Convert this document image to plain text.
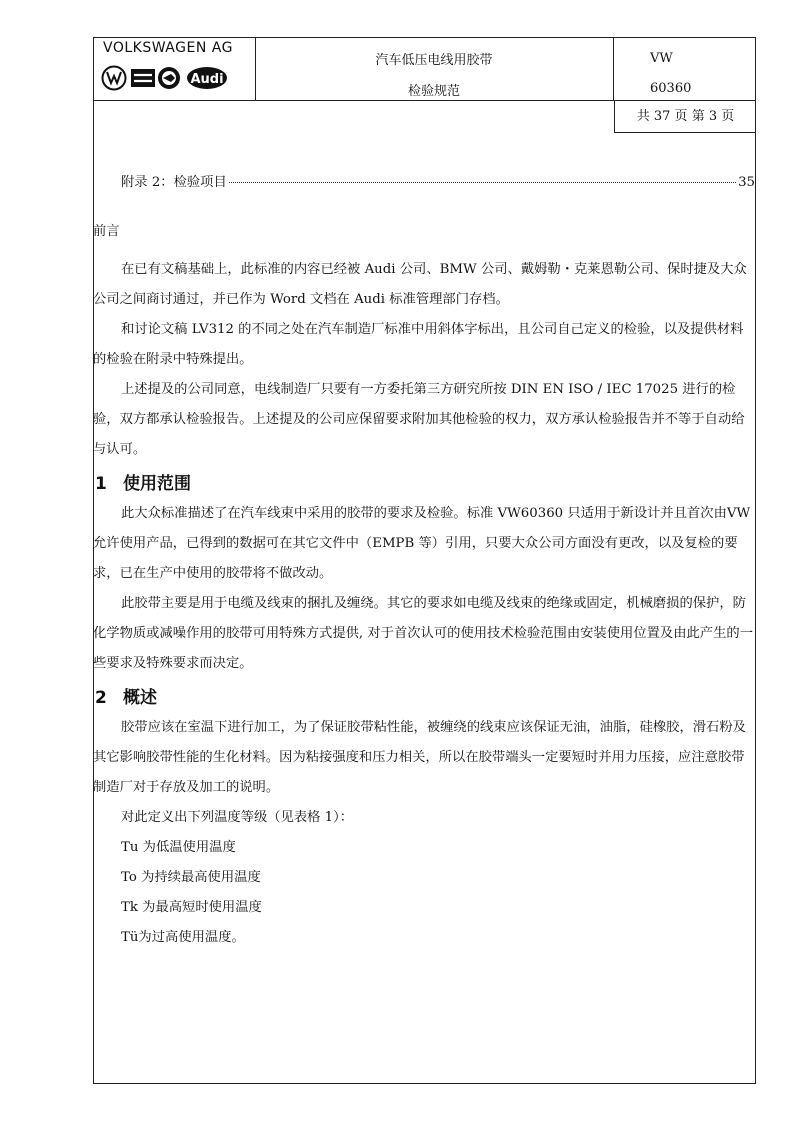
VOLKSWAGEN AG
Audi
汽车低压电线用胶带
检验规范
VW
60360
共 37 页 第 3 页
附录 2：检验项目	35
前言
在已有文稿基础上，此标准的内容已经被 Audi 公司、BMW 公司、戴姆勒・克莱恩勒公司、保时捷及大众公司之间商讨通过，并已作为 Word 文档在 Audi 标准管理部门存档。
和讨论文稿 LV312 的不同之处在汽车制造厂标准中用斜体字标出，且公司自己定义的检验，以及提供材料的检验在附录中特殊提出。
上述提及的公司同意，电线制造厂只要有一方委托第三方研究所按 DIN EN ISO / IEC 17025 进行的检验，双方都承认检验报告。上述提及的公司应保留要求附加其他检验的权力，双方承认检验报告并不等于自动给与认可。
1 使用范围
此大众标准描述了在汽车线束中采用的胶带的要求及检验。标准 VW60360 只适用于新设计并且首次由VW 允许使用产品，已得到的数据可在其它文件中（EMPB 等）引用，只要大众公司方面没有更改，以及复检的要求，已在生产中使用的胶带将不做改动。
此胶带主要是用于电缆及线束的捆扎及缠绕。其它的要求如电缆及线束的绝缘或固定，机械磨损的保护，防化学物质或减噪作用的胶带可用特殊方式提供, 对于首次认可的使用技术检验范围由安装使用位置及由此产生的一些要求及特殊要求而决定。
2 概述
胶带应该在室温下进行加工，为了保证胶带粘性能，被缠绕的线束应该保证无油，油脂，硅橡胶，滑石粉及其它影响胶带性能的生化材料。因为粘接强度和压力相关，所以在胶带端头一定要短时并用力压接，应注意胶带制造厂对于存放及加工的说明。
对此定义出下列温度等级（见表格 1）：
Tu 为低温使用温度
To 为持续最高使用温度
Tk 为最高短时使用温度
Tü为过高使用温度。
